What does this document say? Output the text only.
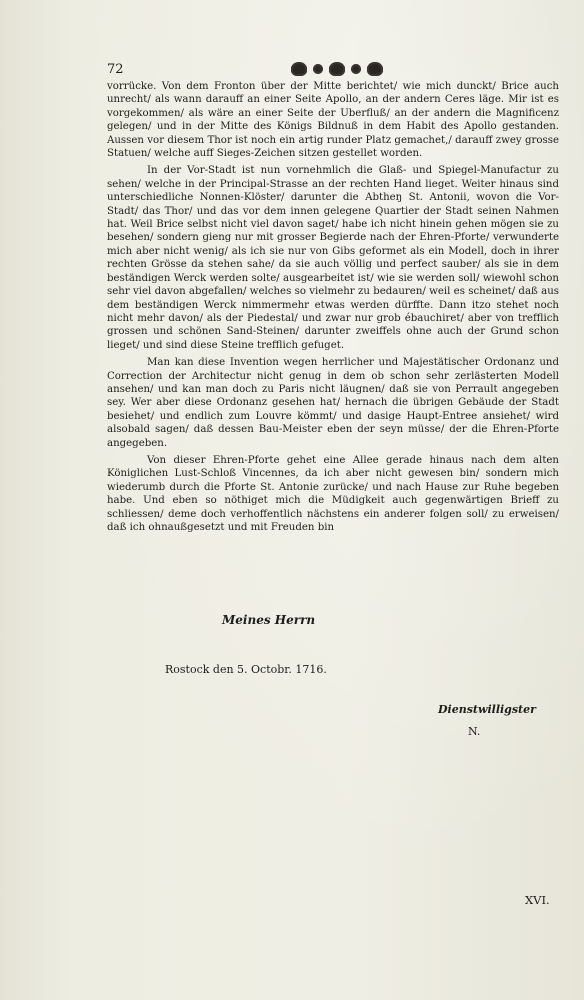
72

vorrücke. Von dem Fronton über der Mitte berichtet/ wie mich dunckt/ Brice auch unrecht/ als wann darauff an einer Seite Apollo, an der andern Ceres läge. Mir ist es vorgekommen/ als wäre an einer Seite der Uberfluß/ an der andern die Magnificenz gelegen/ und in der Mitte des Königs Bildnuß in dem Habit des Apollo gestanden. Aussen vor diesem Thor ist noch ein artig runder Platz gemachet,/ darauff zwey grosse Statuen/ welche auff Sieges-Zeichen sitzen gestellet worden.

In der Vor-Stadt ist nun vornehmlich die Glaß- und Spiegel-Manufactur zu sehen/ welche in der Principal-Strasse an der rechten Hand lieget. Weiter hinaus sind unterschiedliche Nonnen-Klöster/ darunter die Abtheŋ St. Antonii, wovon die Vor-Stadt/ das Thor/ und das vor dem innen gelegene Quartier der Stadt seinen Nahmen hat. Weil Brice selbst nicht viel davon saget/ habe ich nicht hinein gehen mögen sie zu besehen/ sondern gieng nur mit grosser Begierde nach der Ehren-Pforte/ verwunderte mich aber nicht wenig/ als ich sie nur von Gibs geformet als ein Modell, doch in ihrer rechten Grösse da stehen sahe/ da sie auch völlig und perfect sauber/ als sie in dem beständigen Werck werden solte/ ausgearbeitet ist/ wie sie werden soll/ wiewohl schon sehr viel davon abgefallen/ welches so vielmehr zu bedauren/ weil es scheinet/ daß aus dem beständigen Werck nimmermehr etwas werden dürffte. Dann itzo stehet noch nicht mehr davon/ als der Piedestal/ und zwar nur grob ébauchiret/ aber von trefflich grossen und schönen Sand-Steinen/ darunter zweiffels ohne auch der Grund schon lieget/ und sind diese Steine trefflich gefuget.

Man kan diese Invention wegen herrlicher und Majestätischer Ordonanz und Correction der Architectur nicht genug in dem ob schon sehr zerlästerten Modell ansehen/ und kan man doch zu Paris nicht läugnen/ daß sie von Perrault angegeben sey. Wer aber diese Ordonanz gesehen hat/ hernach die übrigen Gebäude der Stadt besiehet/ und endlich zum Louvre kömmt/ und dasige Haupt-Entree ansiehet/ wird alsobald sagen/ daß dessen Bau-Meister eben der seyn müsse/ der die Ehren-Pforte angegeben.

Von dieser Ehren-Pforte gehet eine Allee gerade hinaus nach dem alten Königlichen Lust-Schloß Vincennes, da ich aber nicht gewesen bin/ sondern mich wiederumb durch die Pforte St. Antonie zurücke/ und nach Hause zur Ruhe begeben habe. Und eben so nöthiget mich die Müdigkeit auch gegenwärtigen Brieff zu schliessen/ deme doch verhoffentlich nächstens ein anderer folgen soll/ zu erweisen/ daß ich ohnaußgesetzt und mit Freuden bin

Meines Herrn
Rostock den 5. Octobr. 1716.
Dienstwilligster
N.
XVI.
